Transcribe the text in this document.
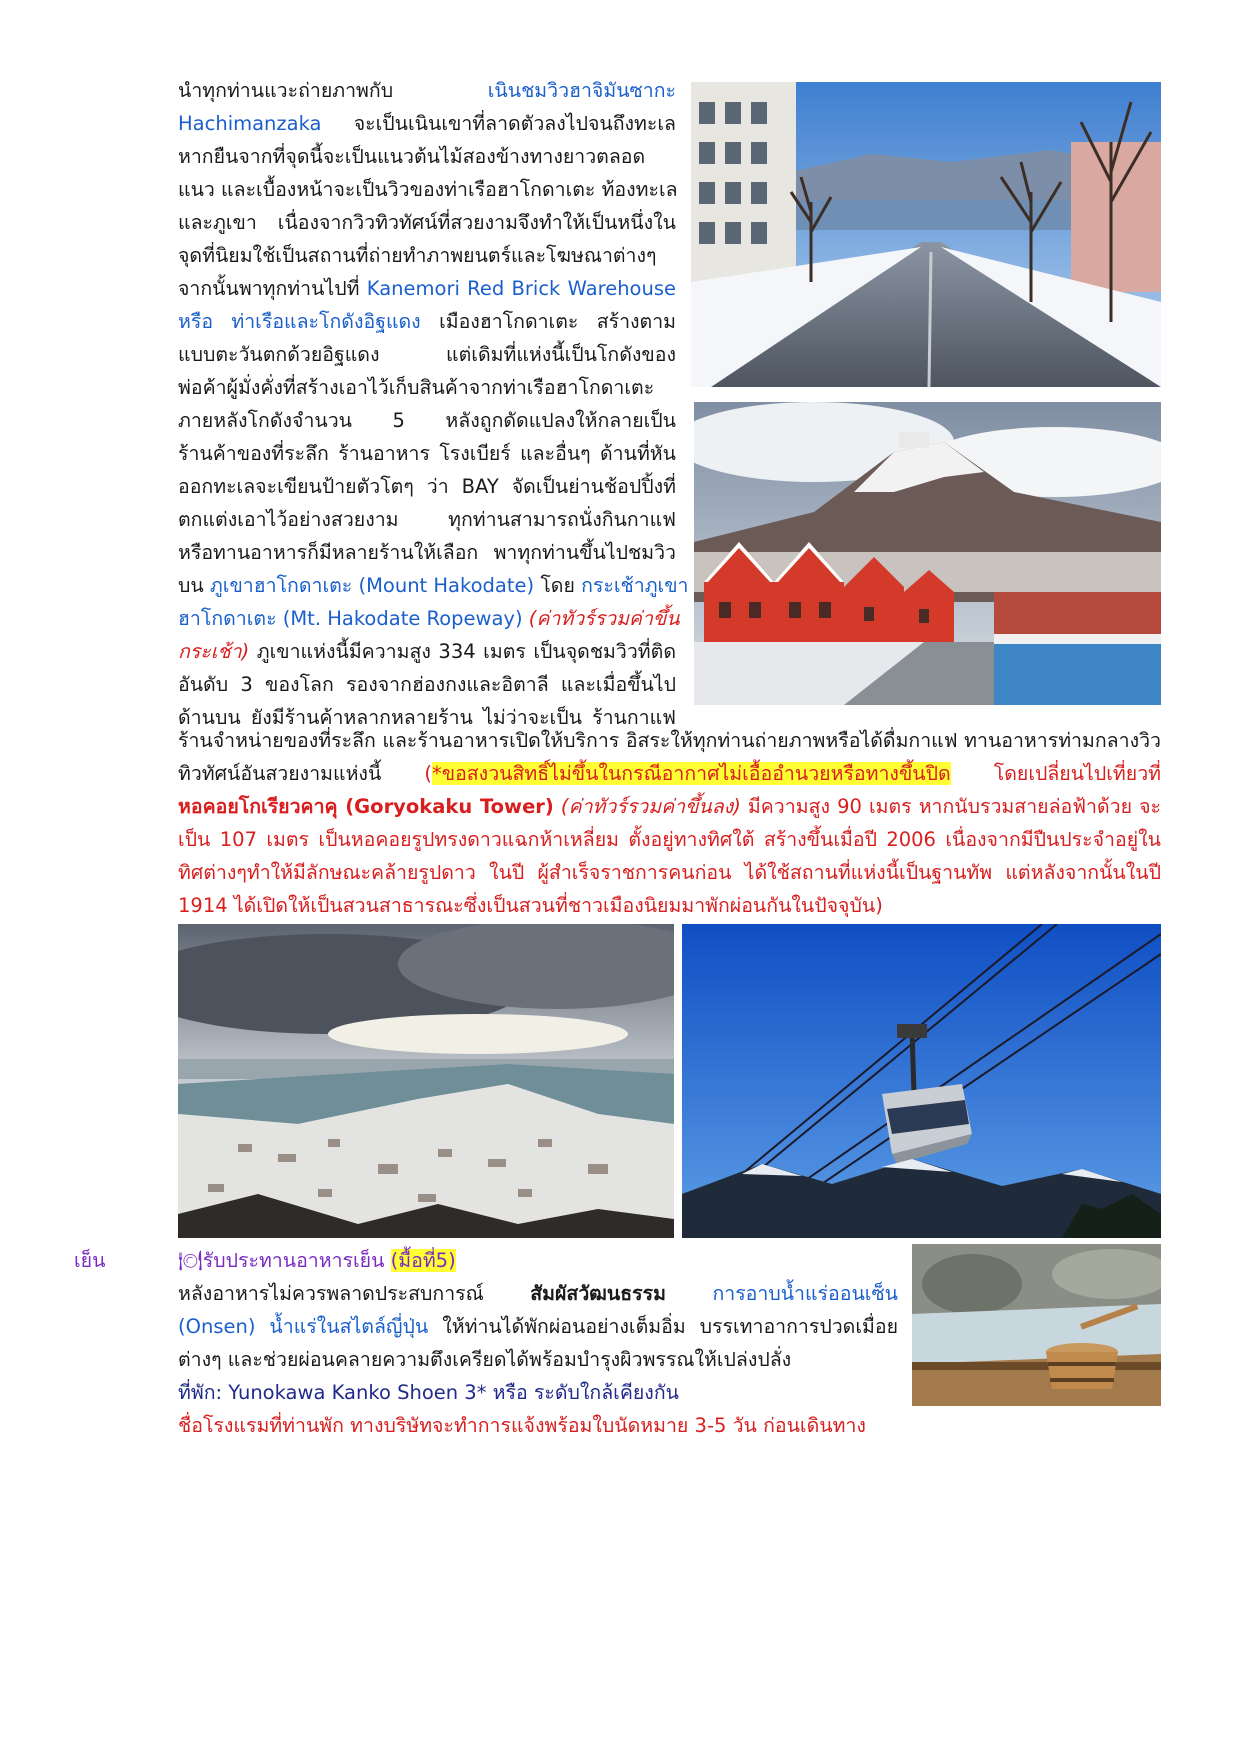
นำทุกท่านแวะถ่ายภาพกับ	เนินชมวิวฮาจิมันซากะ
Hachimanzaka จะเป็นเนินเขาที่ลาดตัวลงไปจนถึงทะเล
หากยืนจากที่จุดนี้จะเป็นแนวต้นไม้สองข้างทางยาวตลอด
แนว และเบื้องหน้าจะเป็นวิวของท่าเรือฮาโกดาเตะ ท้องทะเล
และภูเขา เนื่องจากวิวทิวทัศน์ที่สวยงามจึงทำให้เป็นหนึ่งใน
จุดที่นิยมใช้เป็นสถานที่ถ่ายทำภาพยนตร์และโฆษณาต่างๆ
จากนั้นพาทุกท่านไปที่ Kanemori Red Brick Warehouse
หรือ ท่าเรือและโกดังอิฐแดง เมืองฮาโกดาเตะ สร้างตาม
แบบตะวันตกด้วยอิฐแดง แต่เดิมที่แห่งนี้เป็นโกดังของ
พ่อค้าผู้มั่งคั่งที่สร้างเอาไว้เก็บสินค้าจากท่าเรือฮาโกดาเตะ
ภายหลังโกดังจำนวน 5 หลังถูกดัดแปลงให้กลายเป็น
ร้านค้าของที่ระลึก ร้านอาหาร โรงเบียร์ และอื่นๆ ด้านที่หัน
ออกทะเลจะเขียนป้ายตัวโตๆ ว่า BAY จัดเป็นย่านช้อปปิ้งที่
ตกแต่งเอาไว้อย่างสวยงาม ทุกท่านสามารถนั่งกินกาแฟ
หรือทานอาหารก็มีหลายร้านให้เลือก พาทุกท่านขึ้นไปชมวิว
บน ภูเขาฮาโกดาเตะ (Mount Hakodate) โดย กระเช้าภูเขา
ฮาโกดาเตะ (Mt. Hakodate Ropeway) (ค่าทัวร์รวมค่าขึ้น
กระเช้า) ภูเขาแห่งนี้มีความสูง 334 เมตร เป็นจุดชมวิวที่ติด
อันดับ 3 ของโลก รองจากฮ่องกงและอิตาลี และเมื่อขึ้นไป
ด้านบน ยังมีร้านค้าหลากหลายร้าน ไม่ว่าจะเป็น ร้านกาแฟ
ร้านจำหน่ายของที่ระลึก และร้านอาหารเปิดให้บริการ อิสระให้ทุกท่านถ่ายภาพหรือได้ดื่มกาแฟ ทานอาหารท่ามกลางวิว
ทิวทัศน์อันสวยงามแห่งนี้ (*ขอสงวนสิทธิ์ไม่ขึ้นในกรณีอากาศไม่เอื้ออำนวยหรือทางขึ้นปิด โดยเปลี่ยนไปเที่ยวที่
หอคอยโกเรียวคาคุ (Goryokaku Tower) (ค่าทัวร์รวมค่าขึ้นลง) มีความสูง 90 เมตร หากนับรวมสายล่อฟ้าด้วย จะ
เป็น 107 เมตร เป็นหอคอยรูปทรงดาวแฉกห้าเหลี่ยม ตั้งอยู่ทางทิศใต้ สร้างขึ้นเมื่อปี 2006 เนื่องจากมีปืนประจำอยู่ใน
ทิศต่างๆทำให้มีลักษณะคล้ายรูปดาว ในปี ผู้สำเร็จราชการคนก่อน ได้ใช้สถานที่แห่งนี้เป็นฐานทัพ แต่หลังจากนั้นในปี
1914 ได้เปิดให้เป็นสวนสาธารณะซึ่งเป็นสวนที่ชาวเมืองนิยมมาพักผ่อนกันในปัจจุบัน)
เย็น	🍽รับประทานอาหารเย็น (มื้อที่5)
หลังอาหารไม่ควรพลาดประสบการณ์ สัมผัสวัฒนธรรม การอาบน้ำแร่ออนเซ็น
(Onsen) น้ำแร่ในสไตล์ญี่ปุ่น ให้ท่านได้พักผ่อนอย่างเต็มอิ่ม บรรเทาอาการปวดเมื่อย
ต่างๆ และช่วยผ่อนคลายความตึงเครียดได้พร้อมบำรุงผิวพรรณให้เปล่งปลั่ง
ที่พัก: Yunokawa Kanko Shoen 3* หรือ ระดับใกล้เคียงกัน
ชื่อโรงแรมที่ท่านพัก ทางบริษัทจะทำการแจ้งพร้อมใบนัดหมาย 3-5 วัน ก่อนเดินทาง
